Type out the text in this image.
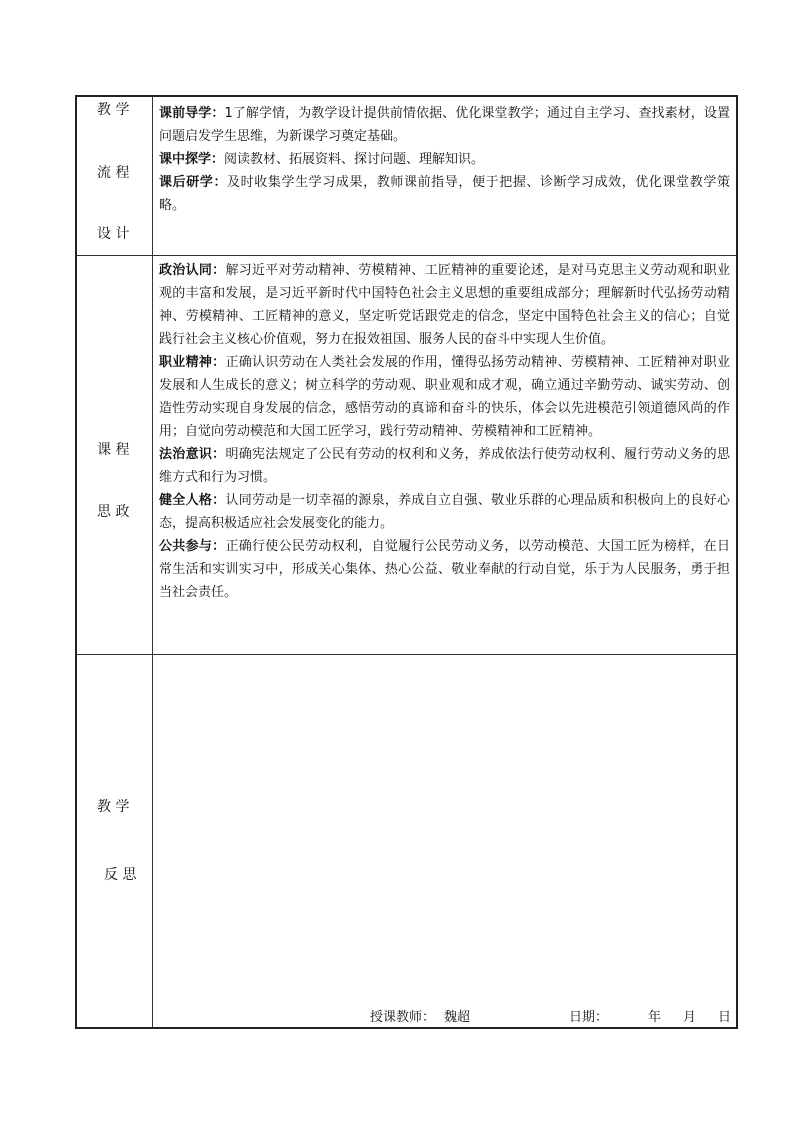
教 学
流 程
设 计

课前导学：1了解学情，为教学设计提供前情依据、优化课堂教学；通过自主学习、查找素材，设置问题启发学生思维，为新课学习奠定基础。

课中探学：阅读教材、拓展资料、探讨问题、理解知识。

课后研学：及时收集学生学习成果，教师课前指导，便于把握、诊断学习成效，优化课堂教学策略。

课 程
思 政

政治认同：解习近平对劳动精神、劳模精神、工匠精神的重要论述，是对马克思主义劳动观和职业观的丰富和发展，是习近平新时代中国特色社会主义思想的重要组成部分；理解新时代弘扬劳动精神、劳模精神、工匠精神的意义，坚定听党话跟党走的信念，坚定中国特色社会主义的信心；自觉践行社会主义核心价值观，努力在报效祖国、服务人民的奋斗中实现人生价值。

职业精神：正确认识劳动在人类社会发展的作用，懂得弘扬劳动精神、劳模精神、工匠精神对职业发展和人生成长的意义；树立科学的劳动观、职业观和成才观，确立通过辛勤劳动、诚实劳动、创造性劳动实现自身发展的信念，感悟劳动的真谛和奋斗的快乐，体会以先进模范引领道德风尚的作用；自觉向劳动模范和大国工匠学习，践行劳动精神、劳模精神和工匠精神。

法治意识：明确宪法规定了公民有劳动的权利和义务，养成依法行使劳动权利、履行劳动义务的思维方式和行为习惯。

健全人格：认同劳动是一切幸福的源泉，养成自立自强、敬业乐群的心理品质和积极向上的良好心态，提高积极适应社会发展变化的能力。

公共参与：正确行使公民劳动权利，自觉履行公民劳动义务，以劳动模范、大国工匠为榜样，在日常生活和实训实习中，形成关心集体、热心公益、敬业奉献的行动自觉，乐于为人民服务，勇于担当社会责任。

教 学
反 思
授课教师： 魏超	日期：	年 月 日
